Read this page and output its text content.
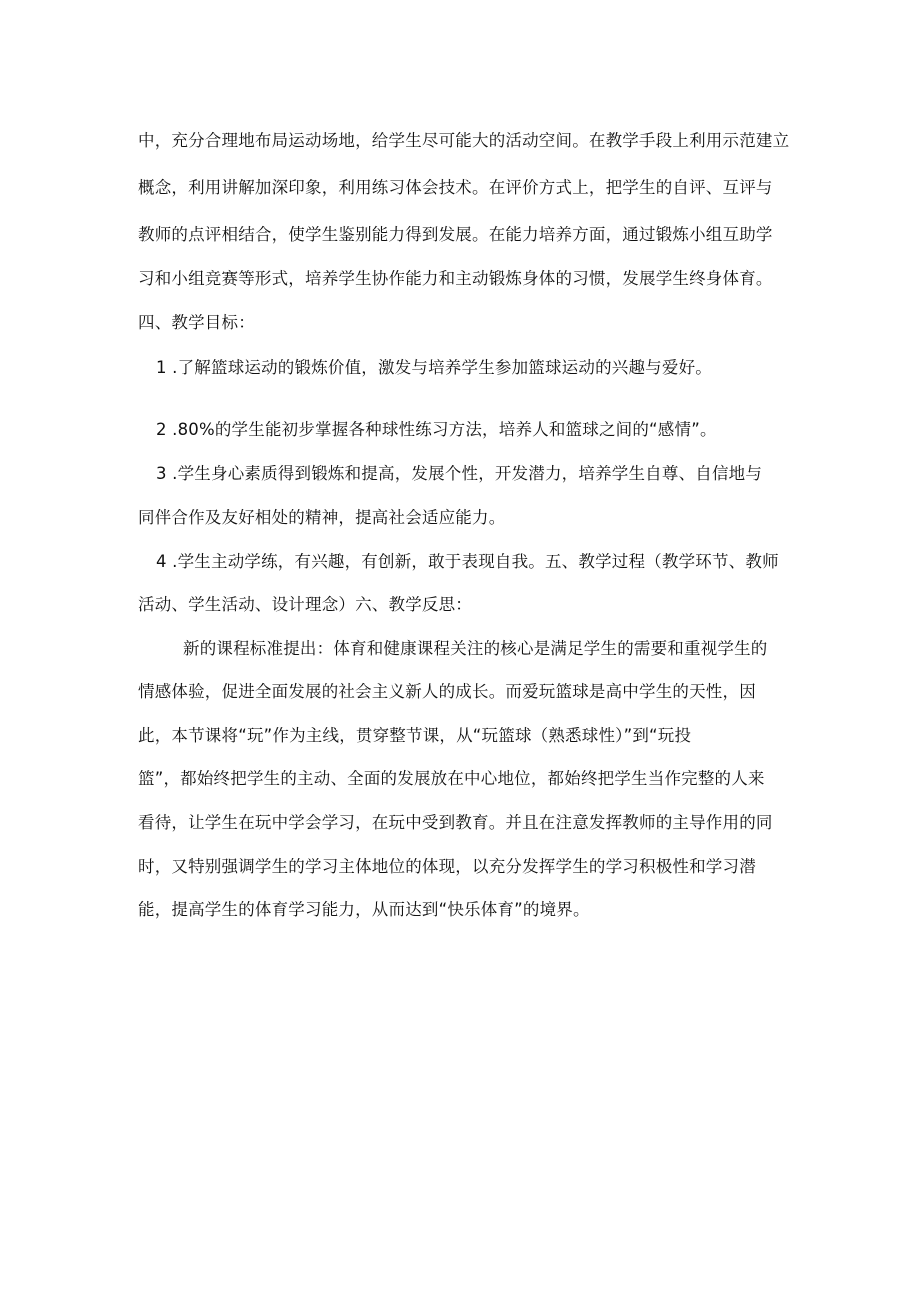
中，充分合理地布局运动场地，给学生尽可能大的活动空间。在教学手段上利用示范建立
概念，利用讲解加深印象，利用练习体会技术。在评价方式上，把学生的自评、互评与
教师的点评相结合，使学生鉴别能力得到发展。在能力培养方面，通过锻炼小组互助学
习和小组竞赛等形式，培养学生协作能力和主动锻炼身体的习惯，发展学生终身体育。
四、教学目标：
1 .了解篮球运动的锻炼价值，激发与培养学生参加篮球运动的兴趣与爱好。
2 .80%的学生能初步掌握各种球性练习方法，培养人和篮球之间的“感情”。
3 .学生身心素质得到锻炼和提高，发展个性，开发潜力，培养学生自尊、自信地与
同伴合作及友好相处的精神，提高社会适应能力。
4 .学生主动学练，有兴趣，有创新，敢于表现自我。五、教学过程（教学环节、教师
活动、学生活动、设计理念）六、教学反思：
新的课程标准提出：体育和健康课程关注的核心是满足学生的需要和重视学生的
情感体验，促进全面发展的社会主义新人的成长。而爱玩篮球是高中学生的天性，因
此，本节课将“玩”作为主线，贯穿整节课，从“玩篮球（熟悉球性）”到“玩投
篮”，都始终把学生的主动、全面的发展放在中心地位，都始终把学生当作完整的人来
看待，让学生在玩中学会学习，在玩中受到教育。并且在注意发挥教师的主导作用的同
时，又特别强调学生的学习主体地位的体现，以充分发挥学生的学习积极性和学习潜
能，提高学生的体育学习能力，从而达到“快乐体育”的境界。
